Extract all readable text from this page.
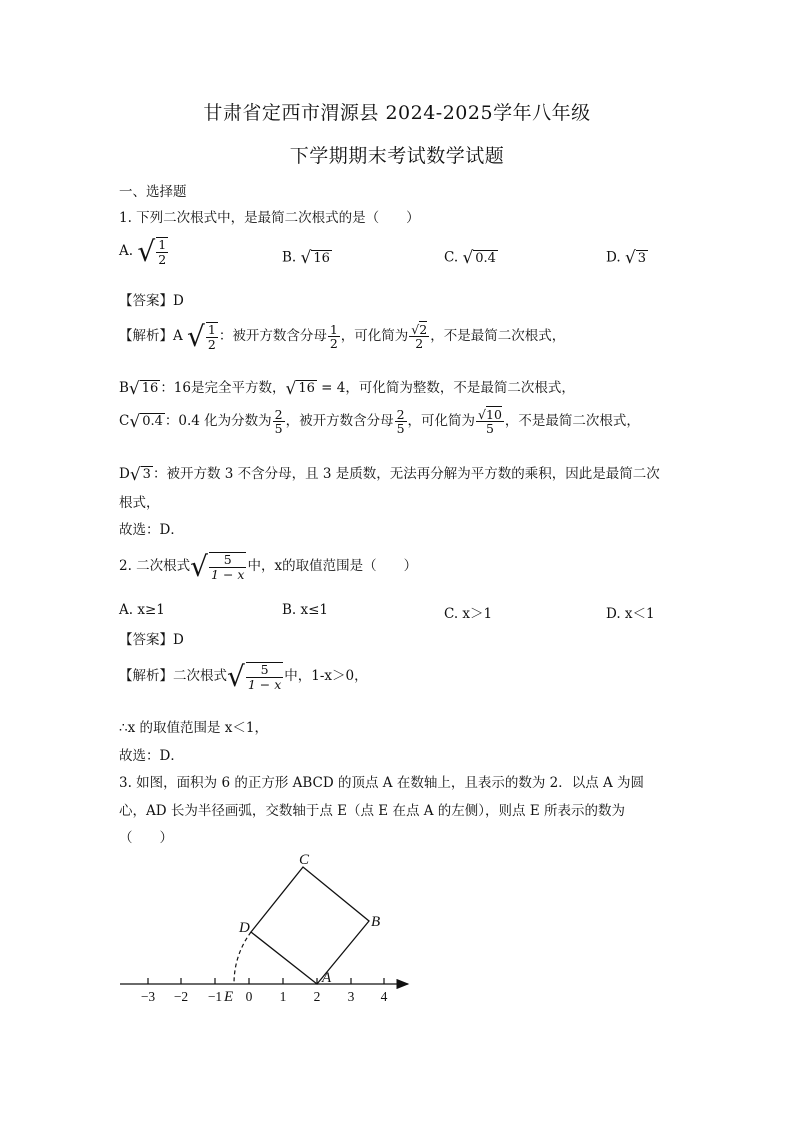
甘肃省定西市渭源县 2024-2025学年八年级
下学期期末考试数学试题
一、选择题
1. 下列二次根式中，是最简二次根式的是（　　）
A. √ $\frac{1}{2}$	B. √ 16	C. √ 0.4	D. √ 3
【答案】D
【解析】A √ $\frac{1}{2}$ ：被开方数含分母 $\frac{1}{2}$ ，可化简为 $\frac{√2}{2}$ ，不是最简二次根式，
B√ 16 ：16是完全平方数，√ 16 = 4，可化简为整数，不是最简二次根式，
C√ 0.4 ：0.4 化为分数为 $\frac{2}{5}$ ，被开方数含分母 $\frac{2}{5}$ ，可化简为 $\frac{√10}{5}$ ，不是最简二次根式，
D√ 3 ：被开方数 3 不含分母，且 3 是质数，无法再分解为平方数的乘积，因此是最简二次
根式，
故选：D．
2. 二次根式√ $\frac{5}{1 - x}$ 中，x的取值范围是（　　）
A. x≥1	B. x≤1	C. x＞1	D. x＜1
【答案】D
【解析】二次根式√ $\frac{5}{1 - x}$ 中，1-x＞0，
∴x 的取值范围是 x＜1，
故选：D．
3. 如图，面积为 6 的正方形 ABCD 的顶点 A 在数轴上，且表示的数为 2．以点 A 为圆
心，AD 长为半径画弧，交数轴于点 E（点 E 在点 A 的左侧），则点 E 所表示的数为
（　　）
−3 −2 −1 0 1 2 3 4
C
B
D
A
E
